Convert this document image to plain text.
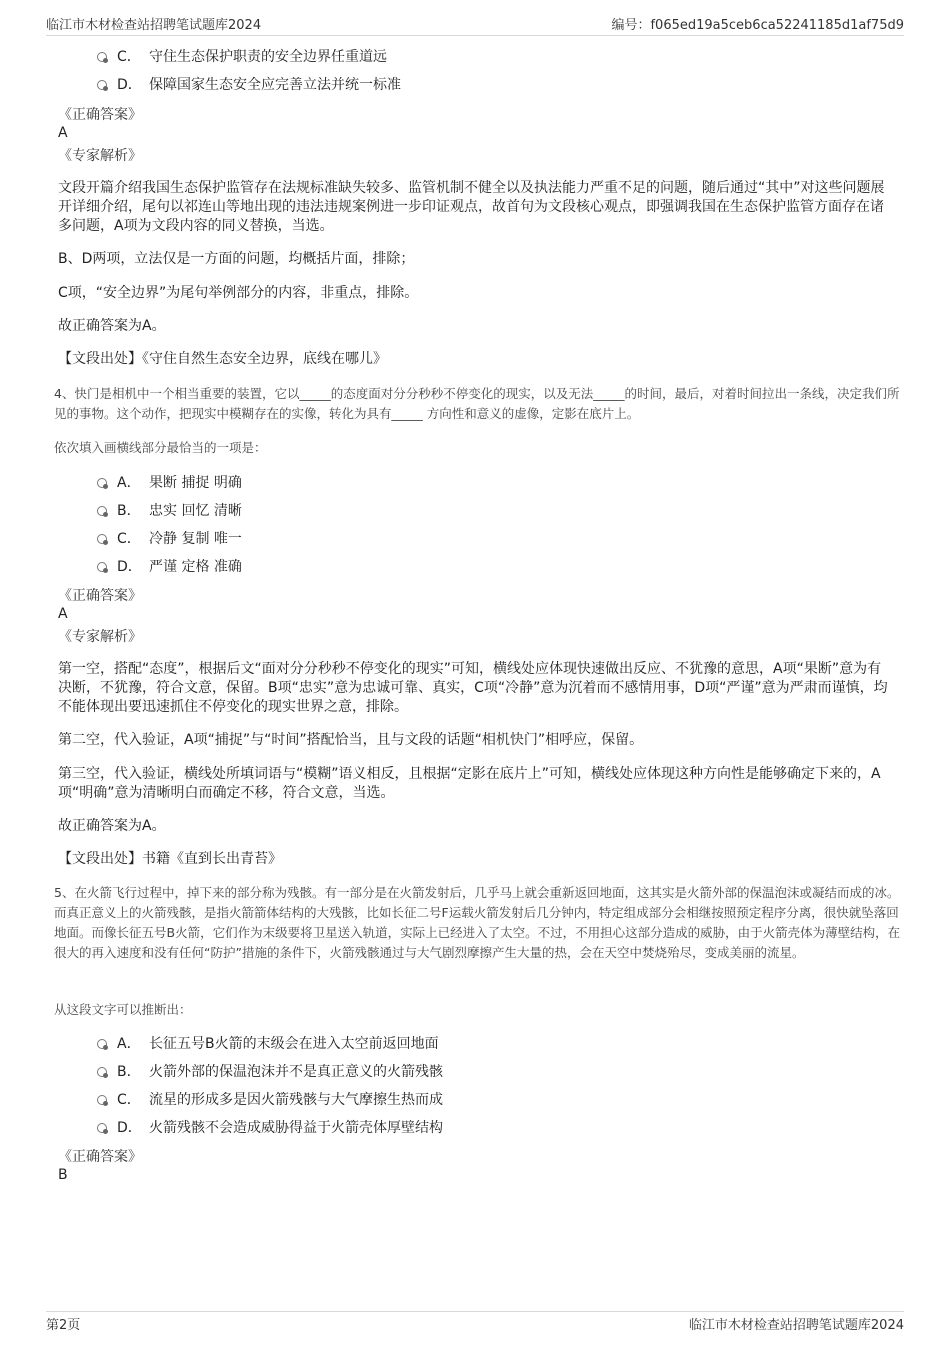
临江市木材检查站招聘笔试题库2024	编号：f065ed19a5ceb6ca52241185d1af75d9
C． 守住生态保护职责的安全边界任重道远
D． 保障国家生态安全应完善立法并统一标准
《正确答案》
A
《专家解析》
文段开篇介绍我国生态保护监管存在法规标准缺失较多、监管机制不健全以及执法能力严重不足的问题，随后通过“其中”对这些问题展开详细介绍，尾句以祁连山等地出现的违法违规案例进一步印证观点，故首句为文段核心观点，即强调我国在生态保护监管方面存在诸多问题，A项为文段内容的同义替换，当选。
B、D两项，立法仅是一方面的问题，均概括片面，排除；
C项，“安全边界”为尾句举例部分的内容，非重点，排除。
故正确答案为A。
【文段出处】《守住自然生态安全边界，底线在哪儿》
4、快门是相机中一个相当重要的装置，它以_____的态度面对分分秒秒不停变化的现实，以及无法_____的时间，最后，对着时间拉出一条线，决定我们所见的事物。这个动作，把现实中模糊存在的实像，转化为具有_____ 方向性和意义的虚像，定影在底片上。
依次填入画横线部分最恰当的一项是：
A． 果断 捕捉 明确
B． 忠实 回忆 清晰
C． 冷静 复制 唯一
D． 严谨 定格 准确
《正确答案》
A
《专家解析》
第一空，搭配“态度”，根据后文“面对分分秒秒不停变化的现实”可知，横线处应体现快速做出反应、不犹豫的意思，A项“果断”意为有决断，不犹豫，符合文意，保留。B项“忠实”意为忠诚可靠、真实，C项“冷静”意为沉着而不感情用事，D项“严谨”意为严肃而谨慎，均不能体现出要迅速抓住不停变化的现实世界之意，排除。
第二空，代入验证，A项“捕捉”与“时间”搭配恰当，且与文段的话题“相机快门”相呼应，保留。
第三空，代入验证，横线处所填词语与“模糊”语义相反，且根据“定影在底片上”可知，横线处应体现这种方向性是能够确定下来的，A项“明确”意为清晰明白而确定不移，符合文意，当选。
故正确答案为A。
【文段出处】书籍《直到长出青苔》
5、在火箭飞行过程中，掉下来的部分称为残骸。有一部分是在火箭发射后，几乎马上就会重新返回地面，这其实是火箭外部的保温泡沫或凝结而成的冰。而真正意义上的火箭残骸，是指火箭箭体结构的大残骸，比如长征二号F运载火箭发射后几分钟内，特定组成部分会相继按照预定程序分离，很快就坠落回地面。而像长征五号B火箭，它们作为末级要将卫星送入轨道，实际上已经进入了太空。不过，不用担心这部分造成的威胁，由于火箭壳体为薄壁结构，在很大的再入速度和没有任何“防护”措施的条件下，火箭残骸通过与大气剧烈摩擦产生大量的热，会在天空中焚烧殆尽，变成美丽的流星。
从这段文字可以推断出：
A． 长征五号B火箭的末级会在进入太空前返回地面
B． 火箭外部的保温泡沫并不是真正意义的火箭残骸
C． 流星的形成多是因火箭残骸与大气摩擦生热而成
D． 火箭残骸不会造成威胁得益于火箭壳体厚壁结构
《正确答案》
B
第2页	临江市木材检查站招聘笔试题库2024
